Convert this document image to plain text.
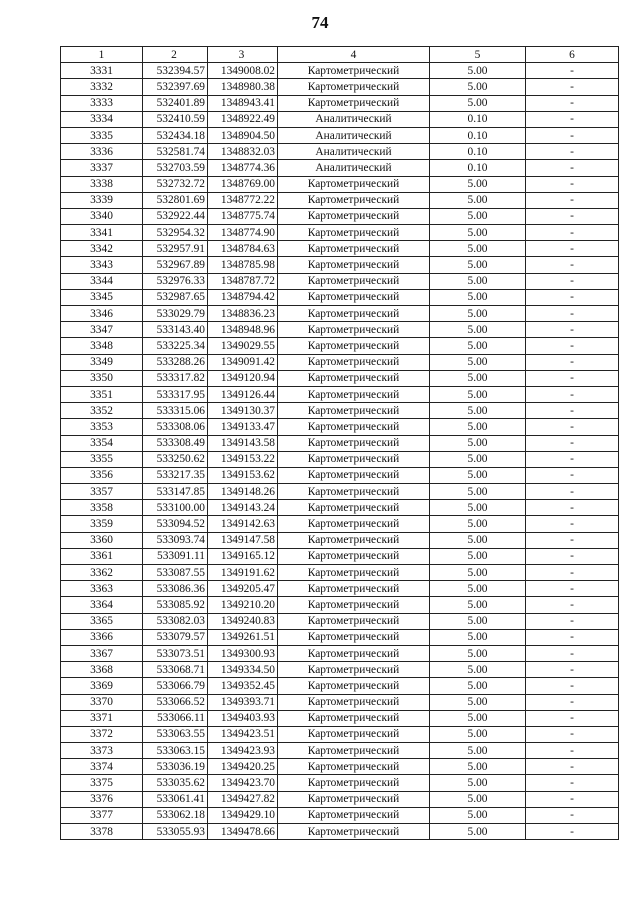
74
1	2	3	4	5	6
3331	532394.57	1349008.02	Картометрический	5.00	-
3332	532397.69	1348980.38	Картометрический	5.00	-
3333	532401.89	1348943.41	Картометрический	5.00	-
3334	532410.59	1348922.49	Аналитический	0.10	-
3335	532434.18	1348904.50	Аналитический	0.10	-
3336	532581.74	1348832.03	Аналитический	0.10	-
3337	532703.59	1348774.36	Аналитический	0.10	-
3338	532732.72	1348769.00	Картометрический	5.00	-
3339	532801.69	1348772.22	Картометрический	5.00	-
3340	532922.44	1348775.74	Картометрический	5.00	-
3341	532954.32	1348774.90	Картометрический	5.00	-
3342	532957.91	1348784.63	Картометрический	5.00	-
3343	532967.89	1348785.98	Картометрический	5.00	-
3344	532976.33	1348787.72	Картометрический	5.00	-
3345	532987.65	1348794.42	Картометрический	5.00	-
3346	533029.79	1348836.23	Картометрический	5.00	-
3347	533143.40	1348948.96	Картометрический	5.00	-
3348	533225.34	1349029.55	Картометрический	5.00	-
3349	533288.26	1349091.42	Картометрический	5.00	-
3350	533317.82	1349120.94	Картометрический	5.00	-
3351	533317.95	1349126.44	Картометрический	5.00	-
3352	533315.06	1349130.37	Картометрический	5.00	-
3353	533308.06	1349133.47	Картометрический	5.00	-
3354	533308.49	1349143.58	Картометрический	5.00	-
3355	533250.62	1349153.22	Картометрический	5.00	-
3356	533217.35	1349153.62	Картометрический	5.00	-
3357	533147.85	1349148.26	Картометрический	5.00	-
3358	533100.00	1349143.24	Картометрический	5.00	-
3359	533094.52	1349142.63	Картометрический	5.00	-
3360	533093.74	1349147.58	Картометрический	5.00	-
3361	533091.11	1349165.12	Картометрический	5.00	-
3362	533087.55	1349191.62	Картометрический	5.00	-
3363	533086.36	1349205.47	Картометрический	5.00	-
3364	533085.92	1349210.20	Картометрический	5.00	-
3365	533082.03	1349240.83	Картометрический	5.00	-
3366	533079.57	1349261.51	Картометрический	5.00	-
3367	533073.51	1349300.93	Картометрический	5.00	-
3368	533068.71	1349334.50	Картометрический	5.00	-
3369	533066.79	1349352.45	Картометрический	5.00	-
3370	533066.52	1349393.71	Картометрический	5.00	-
3371	533066.11	1349403.93	Картометрический	5.00	-
3372	533063.55	1349423.51	Картометрический	5.00	-
3373	533063.15	1349423.93	Картометрический	5.00	-
3374	533036.19	1349420.25	Картометрический	5.00	-
3375	533035.62	1349423.70	Картометрический	5.00	-
3376	533061.41	1349427.82	Картометрический	5.00	-
3377	533062.18	1349429.10	Картометрический	5.00	-
3378	533055.93	1349478.66	Картометрический	5.00	-
